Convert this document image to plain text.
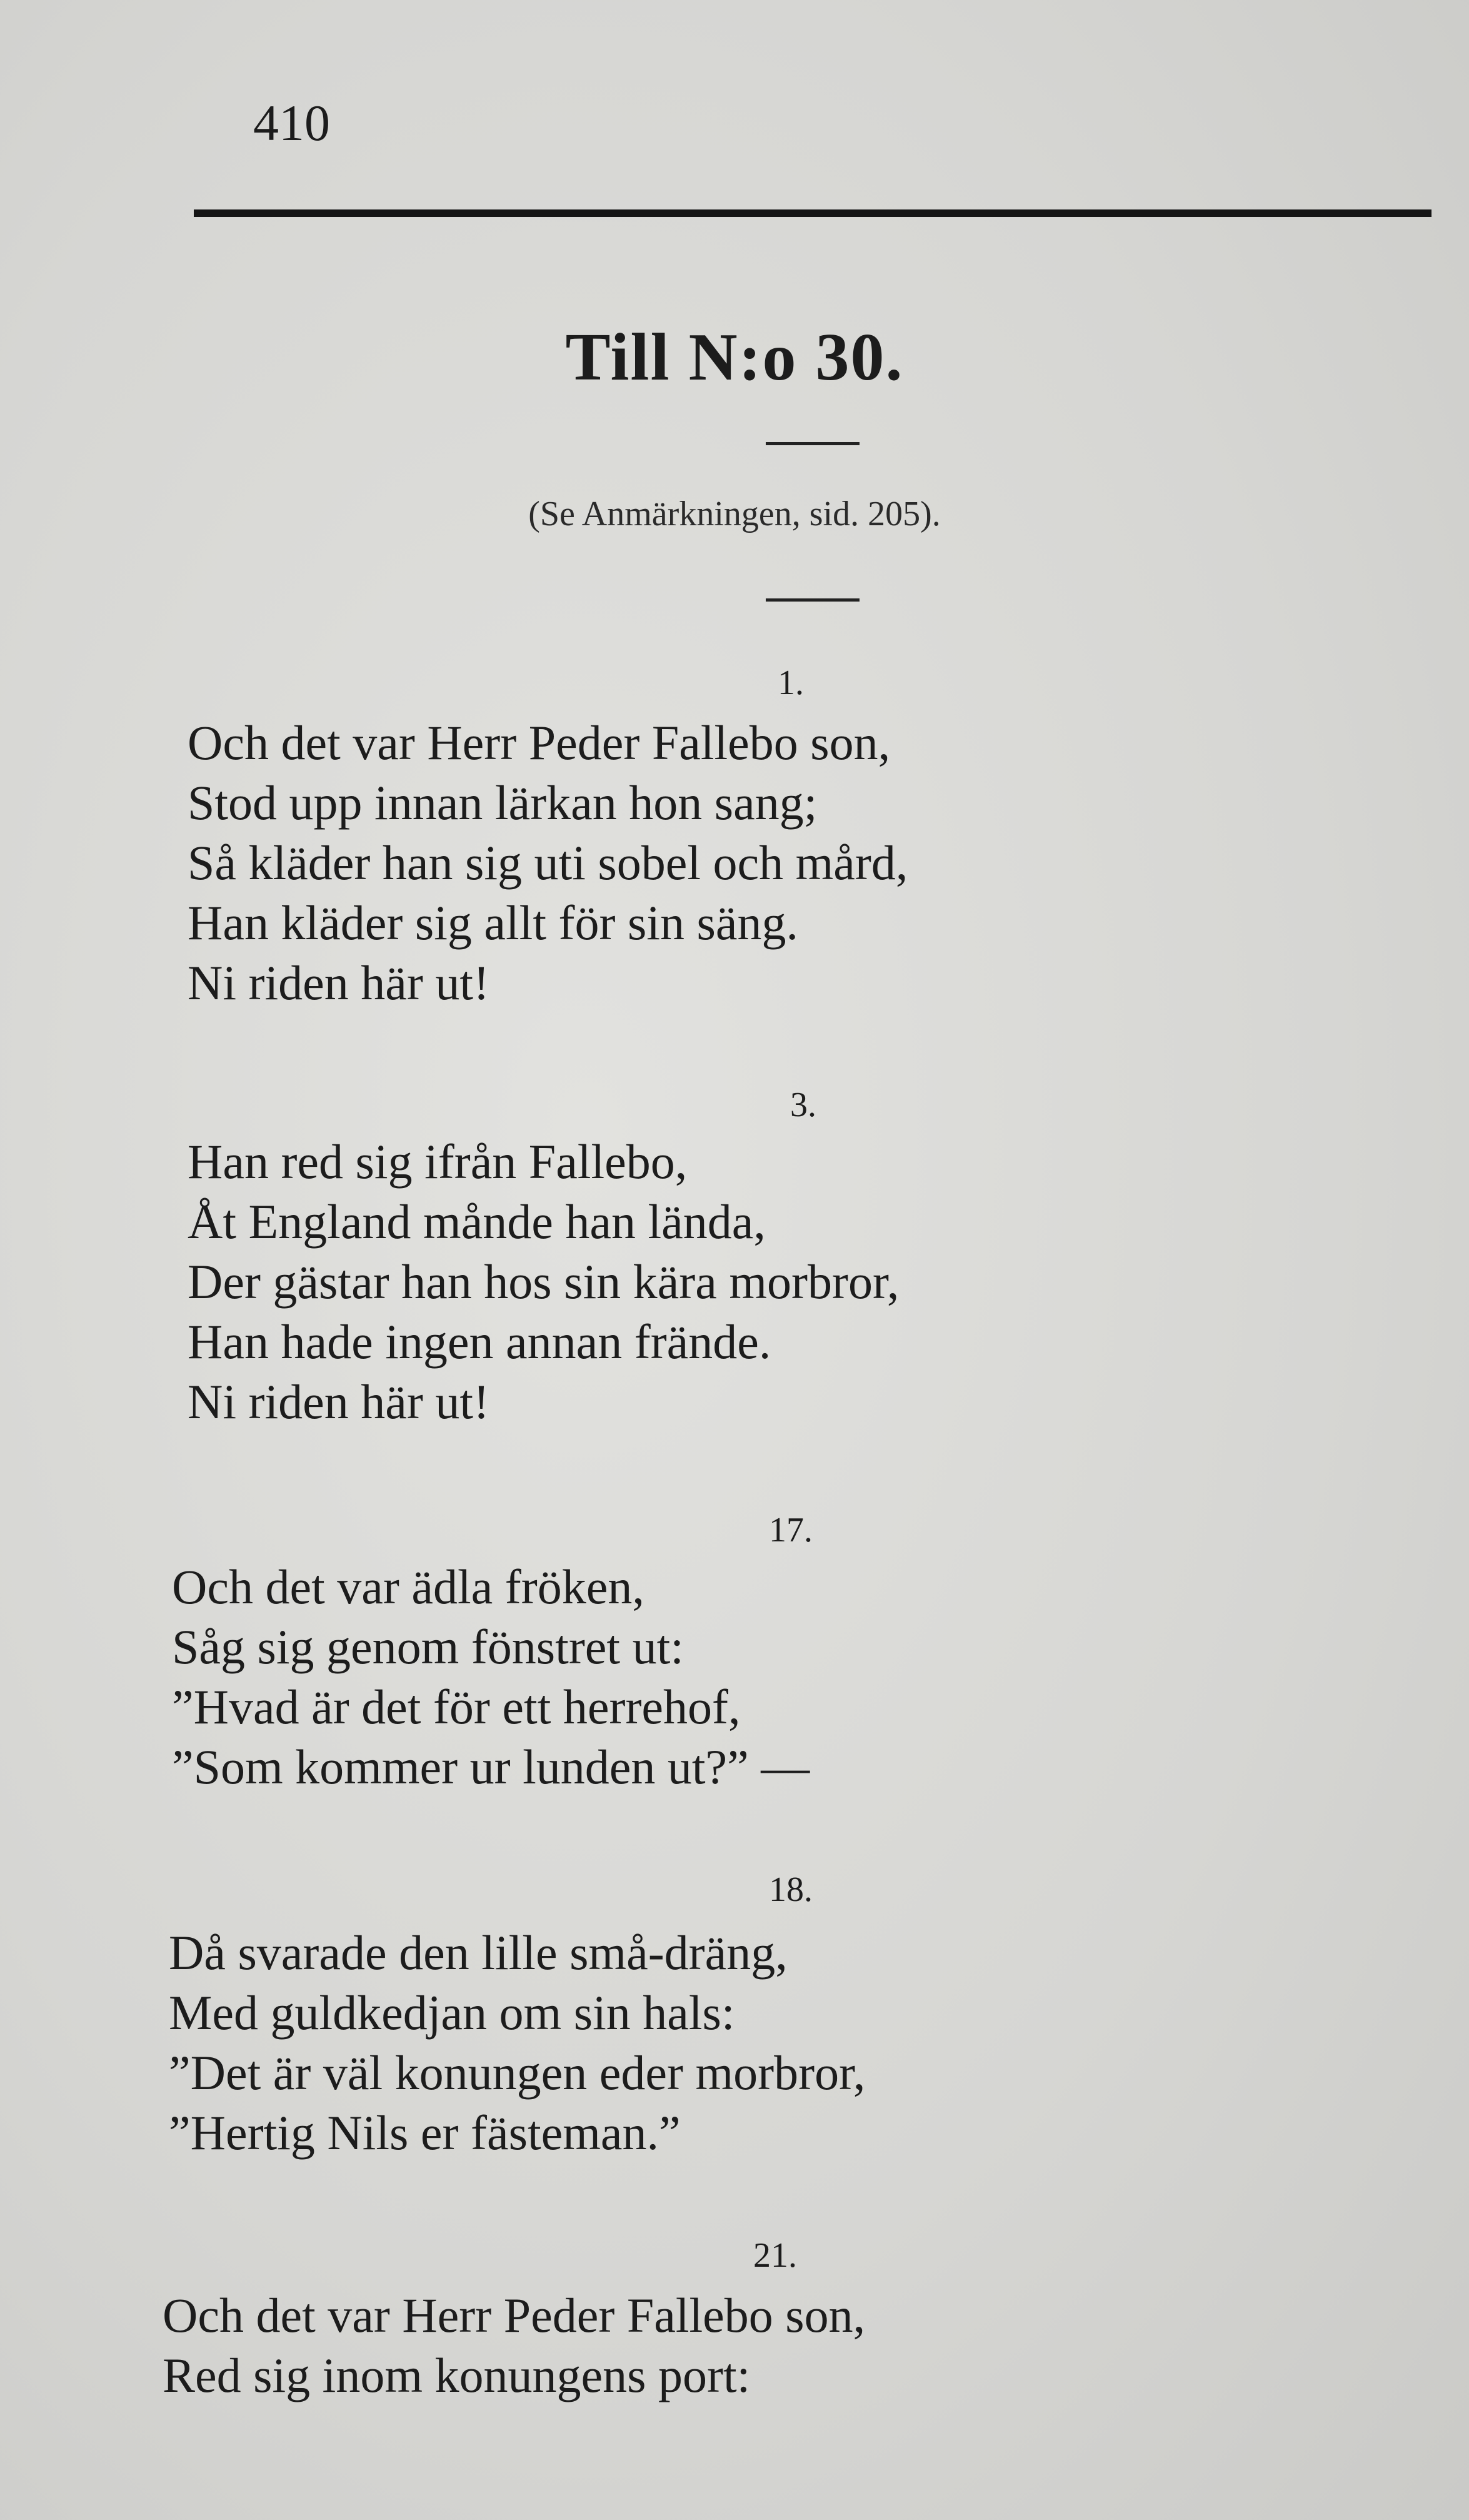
410
Till N:o 30.
(Se Anmärkningen, sid. 205).
1.
Och det var Herr Peder Fallebo son,
Stod upp innan lärkan hon sang;
Så kläder han sig uti sobel och mård,
Han kläder sig allt för sin säng.
Ni riden här ut!
3.
Han red sig ifrån Fallebo,
Åt England månde han lända,
Der gästar han hos sin kära morbror,
Han hade ingen annan frände.
Ni riden här ut!
17.
Och det var ädla fröken,
Såg sig genom fönstret ut:
”Hvad är det för ett herrehof,
”Som kommer ur lunden ut?” —
18.
Då svarade den lille små-dräng,
Med guldkedjan om sin hals:
”Det är väl konungen eder morbror,
”Hertig Nils er fästeman.”
21.
Och det var Herr Peder Fallebo son,
Red sig inom konungens port:
